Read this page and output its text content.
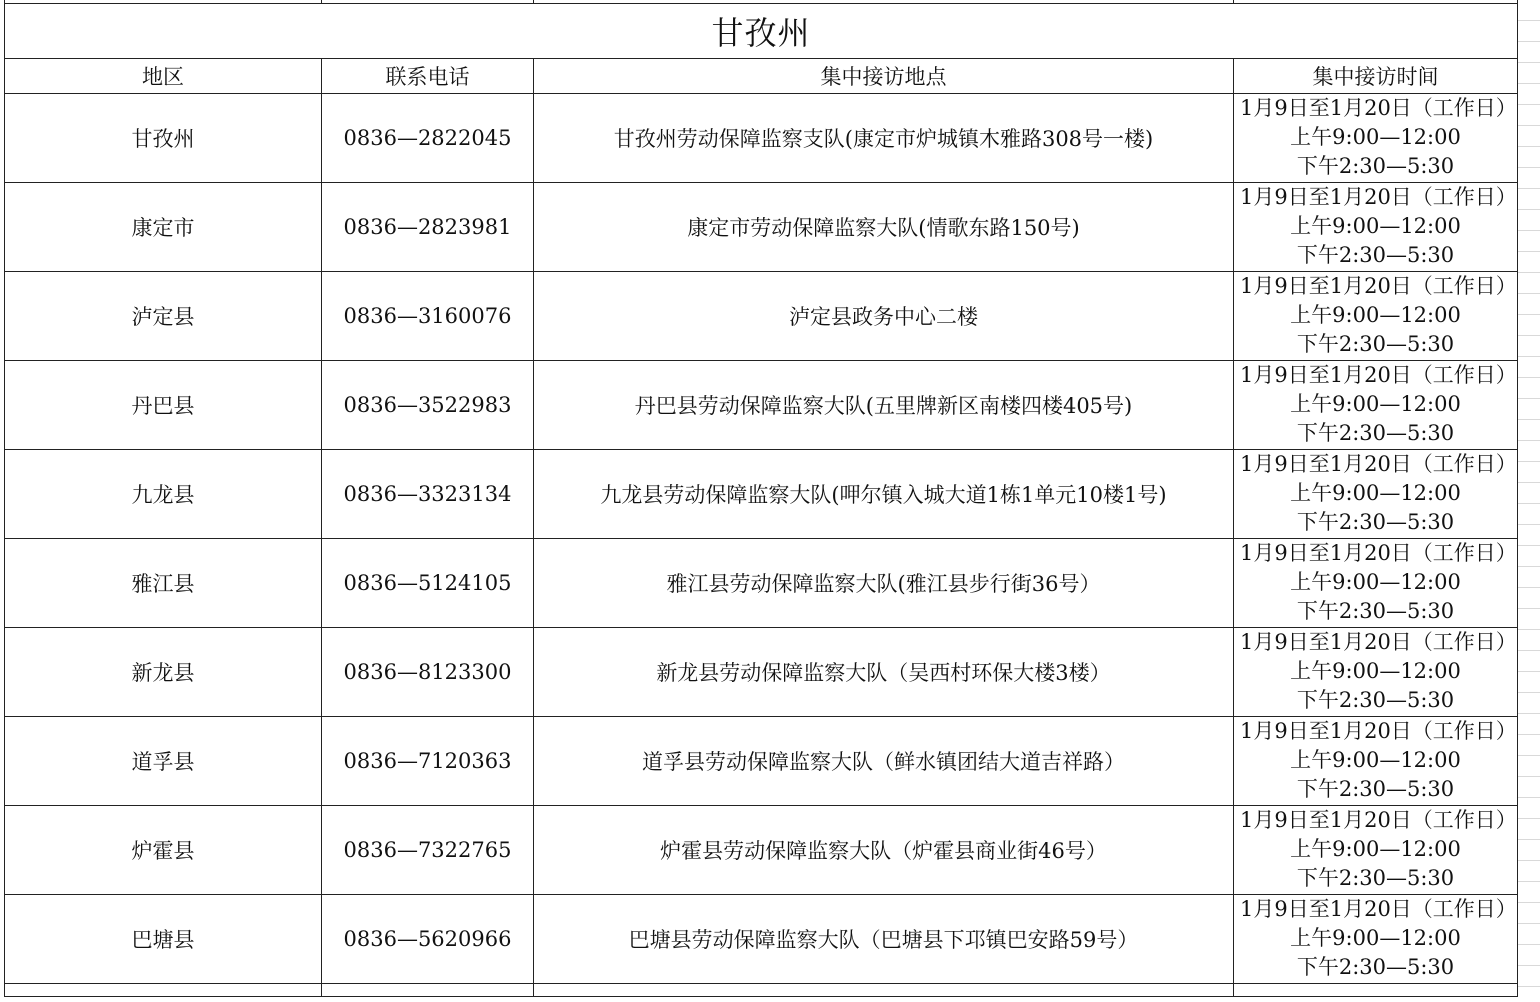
甘孜州			
地区	联系电话	集中接访地点	集中接访时间
甘孜州	0836—2822045	甘孜州劳动保障监察支队(康定市炉城镇木雅路308号一楼)	1月9日至1月20日（工作日）
上午9:00—12:00
下午2:30—5:30

康定市	0836—2823981	康定市劳动保障监察大队(情歌东路150号)	1月9日至1月20日（工作日）
上午9:00—12:00
下午2:30—5:30

泸定县	0836—3160076	泸定县政务中心二楼	1月9日至1月20日（工作日）
上午9:00—12:00
下午2:30—5:30

丹巴县	0836—3522983	丹巴县劳动保障监察大队(五里牌新区南楼四楼405号)	1月9日至1月20日（工作日）
上午9:00—12:00
下午2:30—5:30

九龙县	0836—3323134	九龙县劳动保障监察大队(呷尔镇入城大道1栋1单元10楼1号)	1月9日至1月20日（工作日）
上午9:00—12:00
下午2:30—5:30

雅江县	0836—5124105	雅江县劳动保障监察大队(雅江县步行街36号）	1月9日至1月20日（工作日）
上午9:00—12:00
下午2:30—5:30

新龙县	0836—8123300	新龙县劳动保障监察大队（吴西村环保大楼3楼）	1月9日至1月20日（工作日）
上午9:00—12:00
下午2:30—5:30

道孚县	0836—7120363	道孚县劳动保障监察大队（鲜水镇团结大道吉祥路）	1月9日至1月20日（工作日）
上午9:00—12:00
下午2:30—5:30

炉霍县	0836—7322765	炉霍县劳动保障监察大队（炉霍县商业街46号）	1月9日至1月20日（工作日）
上午9:00—12:00
下午2:30—5:30

巴塘县	0836—5620966	巴塘县劳动保障监察大队（巴塘县下邛镇巴安路59号）	1月9日至1月20日（工作日）
上午9:00—12:00
下午2:30—5:30
